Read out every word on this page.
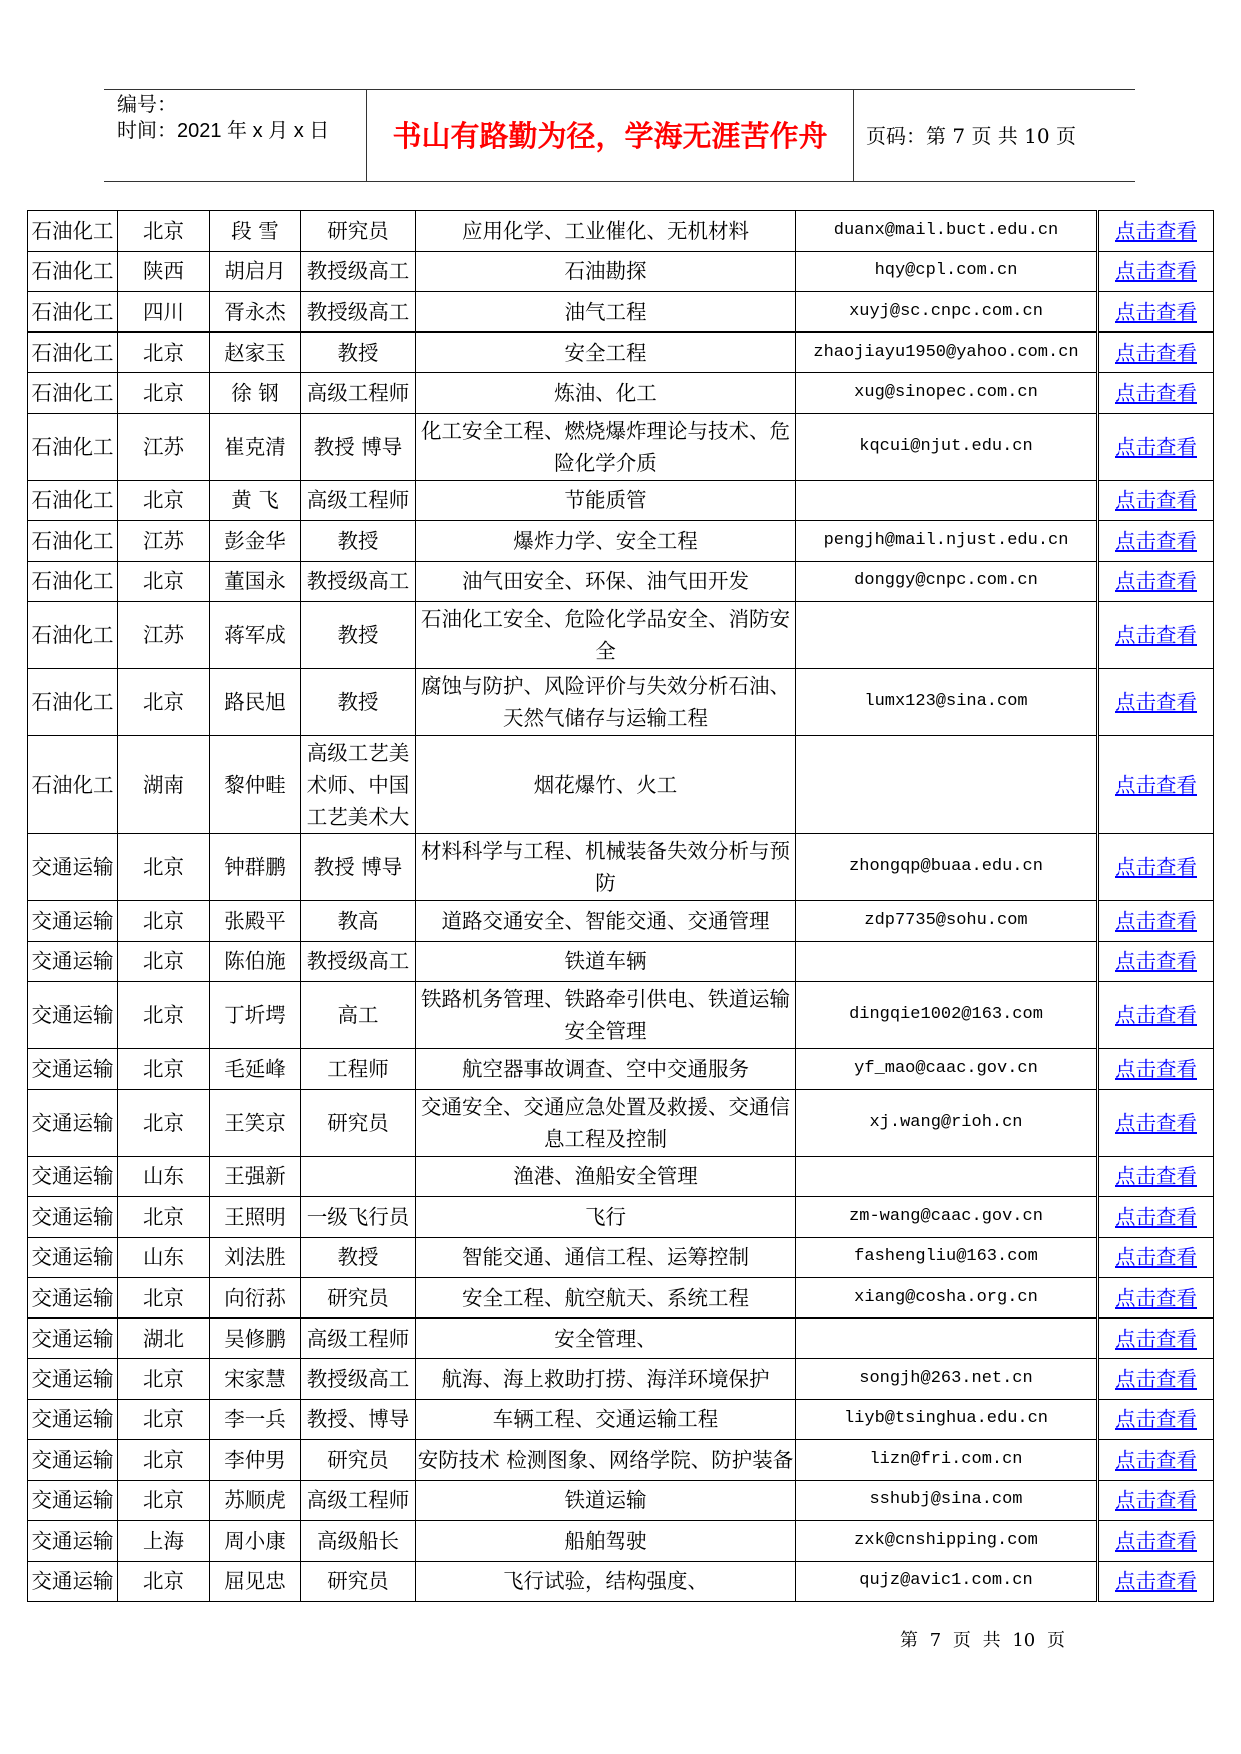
编号：
时间：2021 年 x 月 x 日	书山有路勤为径，学海无涯苦作舟	页码：第 7 页 共 10 页
石油化工	北京	段 雪	研究员	应用化学、工业催化、无机材料	duanx@mail.buct.edu.cn	点击查看
石油化工	陕西	胡启月	教授级高工	石油勘探	hqy@cpl.com.cn	点击查看
石油化工	四川	胥永杰	教授级高工	油气工程	xuyj@sc.cnpc.com.cn	点击查看
石油化工	北京	赵家玉	教授	安全工程	zhaojiayu1950@yahoo.com.cn	点击查看
石油化工	北京	徐 钢	高级工程师	炼油、化工	xug@sinopec.com.cn	点击查看
石油化工	江苏	崔克清	教授 博导	化工安全工程、燃烧爆炸理论与技术、危险化学介质	kqcui@njut.edu.cn	点击查看
石油化工	北京	黄 飞	高级工程师	节能质管		点击查看
石油化工	江苏	彭金华	教授	爆炸力学、安全工程	pengjh@mail.njust.edu.cn	点击查看
石油化工	北京	董国永	教授级高工	油气田安全、环保、油气田开发	donggy@cnpc.com.cn	点击查看
石油化工	江苏	蒋军成	教授	石油化工安全、危险化学品安全、消防安全		点击查看
石油化工	北京	路民旭	教授	腐蚀与防护、风险评价与失效分析石油、天然气储存与运输工程	lumx123@sina.com	点击查看
石油化工	湖南	黎仲畦	高级工艺美术师、中国工艺美术大	烟花爆竹、火工		点击查看
交通运输	北京	钟群鹏	教授 博导	材料科学与工程、机械装备失效分析与预防	zhongqp@buaa.edu.cn	点击查看
交通运输	北京	张殿平	教高	道路交通安全、智能交通、交通管理	zdp7735@sohu.com	点击查看
交通运输	北京	陈伯施	教授级高工	铁道车辆		点击查看
交通运输	北京	丁圻堮	高工	铁路机务管理、铁路牵引供电、铁道运输安全管理	dingqie1002@163.com	点击查看
交通运输	北京	毛延峰	工程师	航空器事故调查、空中交通服务	yf_mao@caac.gov.cn	点击查看
交通运输	北京	王笑京	研究员	交通安全、交通应急处置及救援、交通信息工程及控制	xj.wang@rioh.cn	点击查看
交通运输	山东	王强新		渔港、渔船安全管理		点击查看
交通运输	北京	王照明	一级飞行员	飞行	zm-wang@caac.gov.cn	点击查看
交通运输	山东	刘法胜	教授	智能交通、通信工程、运筹控制	fashengliu@163.com	点击查看
交通运输	北京	向衍荪	研究员	安全工程、航空航天、系统工程	xiang@cosha.org.cn	点击查看
交通运输	湖北	吴修鹏	高级工程师	安全管理、		点击查看
交通运输	北京	宋家慧	教授级高工	航海、海上救助打捞、海洋环境保护	songjh@263.net.cn	点击查看
交通运输	北京	李一兵	教授、博导	车辆工程、交通运输工程	liyb@tsinghua.edu.cn	点击查看
交通运输	北京	李仲男	研究员	安防技术 检测图象、网络学院、防护装备	lizn@fri.com.cn	点击查看
交通运输	北京	苏顺虎	高级工程师	铁道运输	sshubj@sina.com	点击查看
交通运输	上海	周小康	高级船长	船舶驾驶	zxk@cnshipping.com	点击查看
交通运输	北京	屈见忠	研究员	飞行试验，结构强度、	qujz@avic1.com.cn	点击查看
第 7 页 共 10 页
